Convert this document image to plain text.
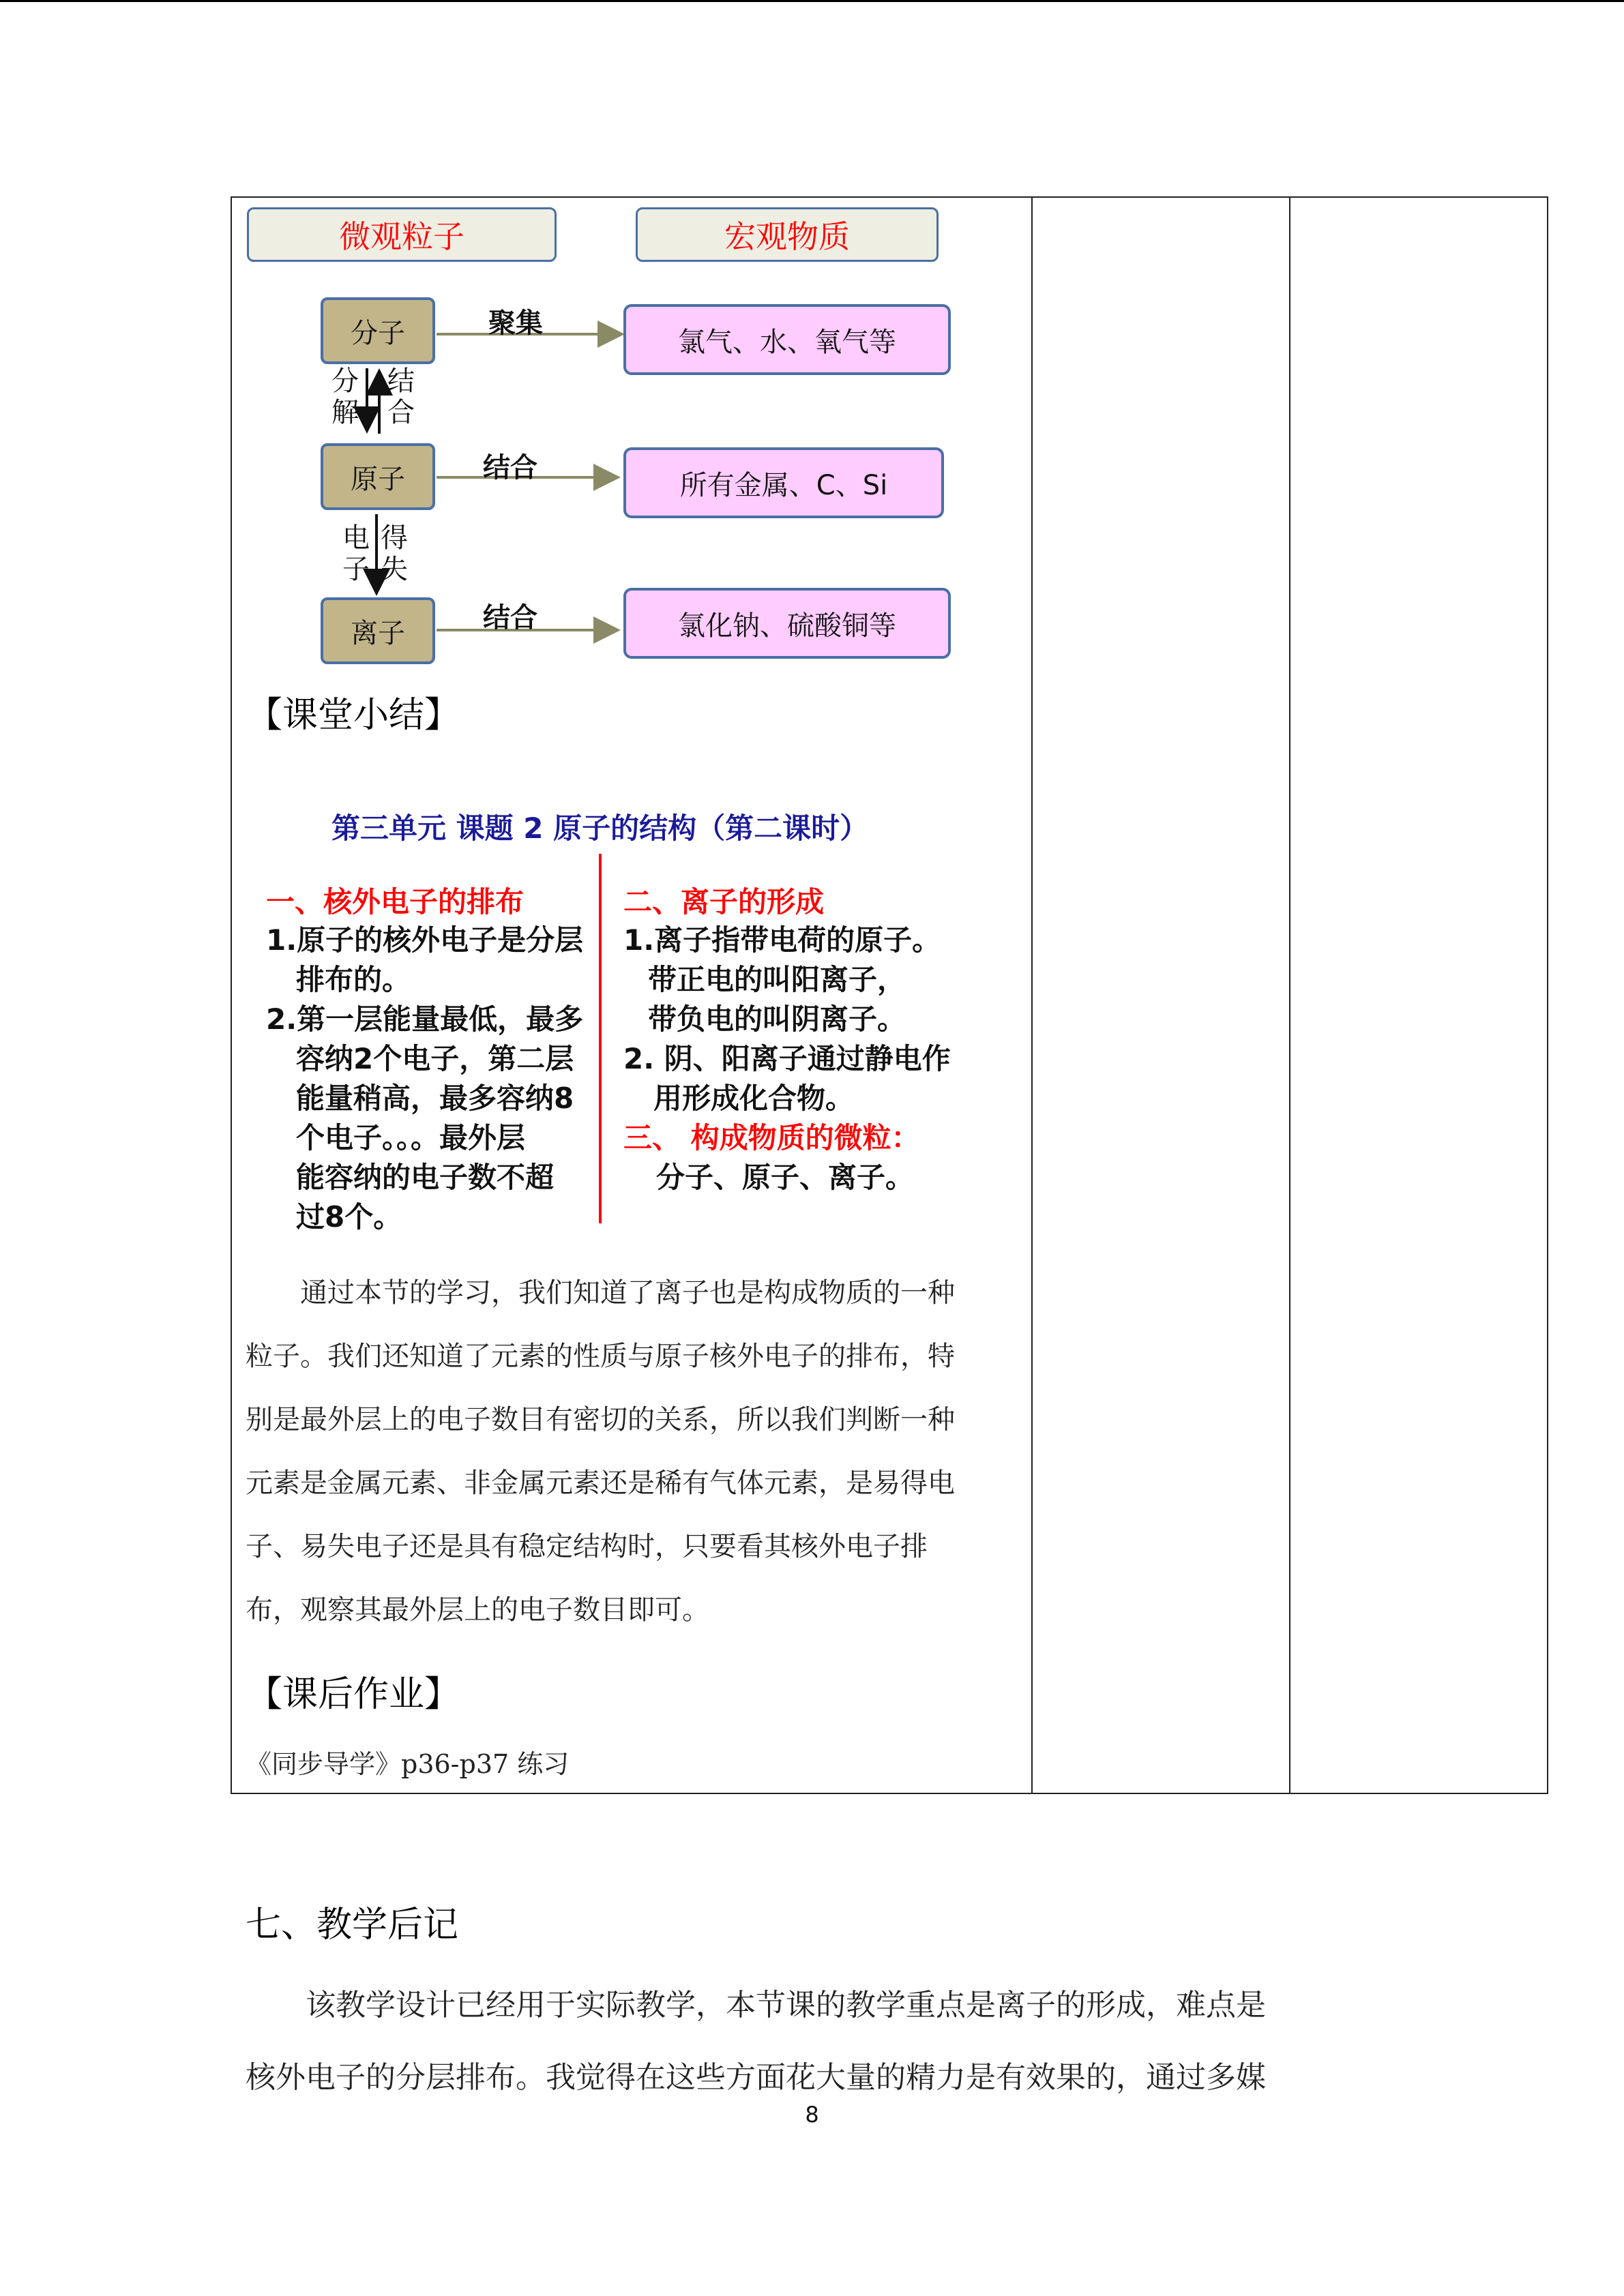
微观粒子	宏观物质
分子
原子
离子
氯气、水、氧气等
所有金属、C、Si
氯化钠、硫酸铜等
聚集
结合
结合
分解
结合
电子
得失
【课堂小结】
第三单元 课题 2 原子的结构（第二课时）
一、核外电子的排布
1.原子的核外电子是分层
排布的。
2.第一层能量最低，最多
容纳2个电子，第二层
能量稍高，最多容纳8
个电子。。。最外层
能容纳的电子数不超
过8个。
二、离子的形成
1.离子指带电荷的原子。
带正电的叫阳离子，
带负电的叫阴离子。
2. 阴、阳离子通过静电作
用形成化合物。
三、 构成物质的微粒：
分子、原子、离子。

　　通过本节的学习，我们知道了离子也是构成物质的一种

粒子。我们还知道了元素的性质与原子核外电子的排布，特

别是最外层上的电子数目有密切的关系，所以我们判断一种

元素是金属元素、非金属元素还是稀有气体元素，是易得电

子、易失电子还是具有稳定结构时，只要看其核外电子排

布，观察其最外层上的电子数目即可。

【课后作业】
《同步导学》p36-p37 练习
七、教学后记

　　该教学设计已经用于实际教学，本节课的教学重点是离子的形成，难点是

核外电子的分层排布。我觉得在这些方面花大量的精力是有效果的，通过多媒

8
